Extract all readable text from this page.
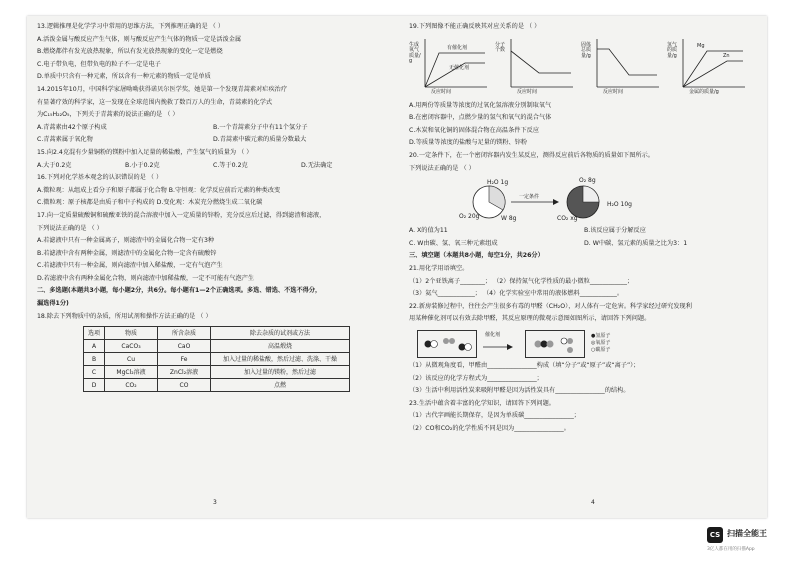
13.逻辑推理是化学学习中常用的思维方法，下列推理正确的是 （ ）
A.活泼金属与酸反应产生气体，则与酸反应产生气体的物质一定是活泼金属
B.燃烧都伴有发光放热现象，所以有发光放热现象的变化一定是燃烧
C.电子带负电，但带负电的粒子不一定是电子
D.单质中只含有一种元素，所以含有一种元素的物质一定是单质
14.2015年10月，中国科学家屠呦呦获得诺贝尔医学奖，她是第一个发现青蒿素对疟疾治疗
有显著疗效的科学家，这一发现在全球范围内挽救了数百万人的生命，青蒿素的化学式
为C₁₅H₂₂O₅，下列关于青蒿素的说法正确的是 （ ）
A.青蒿素由42个原子构成	B.一个青蒿素分子中有11个氢分子
C.青蒿素属于氧化物	D.青蒿素中碳元素的质量分数最大
15.向2.4克混有少量铜粉的镁粉中加入足量的稀盐酸，产生氢气的质量为 （ ）
A.大于0.2克	B.小于0.2克	C.等于0.2克	D.无法确定
16.下列对化学基本观念的认识错误的是 （ ）
A.微粒观：从组成上看分子和原子都属于化合物 B.守恒观：化学反应前后元素的种类改变
C.微粒观：原子核都是由质子和中子构成的 D.变化观：木炭充分燃烧生成二氧化碳
17.向一定质量硫酸铜和硫酸亚铁的混合溶液中加入一定质量的锌粉，充分反应后过滤，得到滤渣和滤液，
下列说法正确的是 （ ）
A.若滤液中只有一种金属离子，则滤渣中的金属化合物一定有3种
B.若滤液中含有两种金属，则滤渣中的金属化合物一定含有硫酸锌
C.若滤液中只有一种金属，则向滤渣中加入稀盐酸，一定有气泡产生
D.若滤液中含有两种金属化合物，则向滤渣中加稀盐酸，一定不可能有气泡产生
二、多选题(本题共3小题，每小题2分，共6分。每小题有1—2个正确选项。多选、错选、不选不得分，
漏选得1分)
18.除去下列物质中的杂质，所用试剂和操作方法正确的是 （ ）
选项	物质	所含杂质	除去杂质的试剂或方法
A	CaCO₃	CaO	高温煅烧
B	Cu	Fe	加入过量的稀盐酸，然后过滤、洗涤、干燥
C	MgCl₂溶液	ZnCl₂溶液	加入过量的镁粉，然后过滤
D	CO₂	CO	点燃
3
19.下列图像不能正确反映其对应关系的是 （ ）
生成氧气质量/g
有催化剂
无催化剂
反应时间
分子个数
反应时间
固体总质量/g
反应时间
氢气的质量/g
Mg
Zn
金属的质量/g
A.用两份等质量等浓度的过氧化氢溶液分别制取氧气
B.在密闭容器中，点燃少量的氢气和氧气的混合气体
C.木炭和氧化铜的固体混合物在高温条件下反应
D.等质量等浓度的盐酸与足量的镁粉、锌粉
20.一定条件下，在一个密闭容器内发生某反应，测得反应前后各物质的质量如下图所示。
下列说法正确的是 （ ）
H₂O 1g
O₂ 20g	W 8g
一定条件
O₂ 8g
H₂O 10g
CO₂ xg
A. X的值为11	B.该反应属于分解反应
C. W由碳、氢、氧三种元素组成	D. W中碳、氢元素的质量之比为3：1
三、填空题（本题共8小题，每空1分，共26分）
21.用化学用语填空。
（1）2个亚铁离子________； （2）保持氮气化学性质的最小微粒____________；
（3）氦气____________； （4）化学实验室中常用的液体燃料____________。
22.新房装修过程中，往往会产生很多有毒的甲醛（CH₂O），对人体有一定危害。科学家经过研究发现利
用某种催化剂可以有效去除甲醛，其反应原理的微观示意图如图所示，请回答下列问题。
催化剂	●氢原子
◎氧原子
○碳原子
（1）从微观角度看，甲醛由________________构成（填“分子”或“原子”或“离子”）；
（2）该反应的化学方程式为________________；
（3）生活中利用活性炭来吸附甲醛是因为活性炭具有________________的结构。
23.生活中蕴含着丰富的化学知识，请回答下列问题。
（1）古代字画能长期保存，是因为单质碳________________；
（2）CO和CO₂的化学性质不同是因为________________。
4
CS 扫描全能王
3亿人都在用的扫描App
